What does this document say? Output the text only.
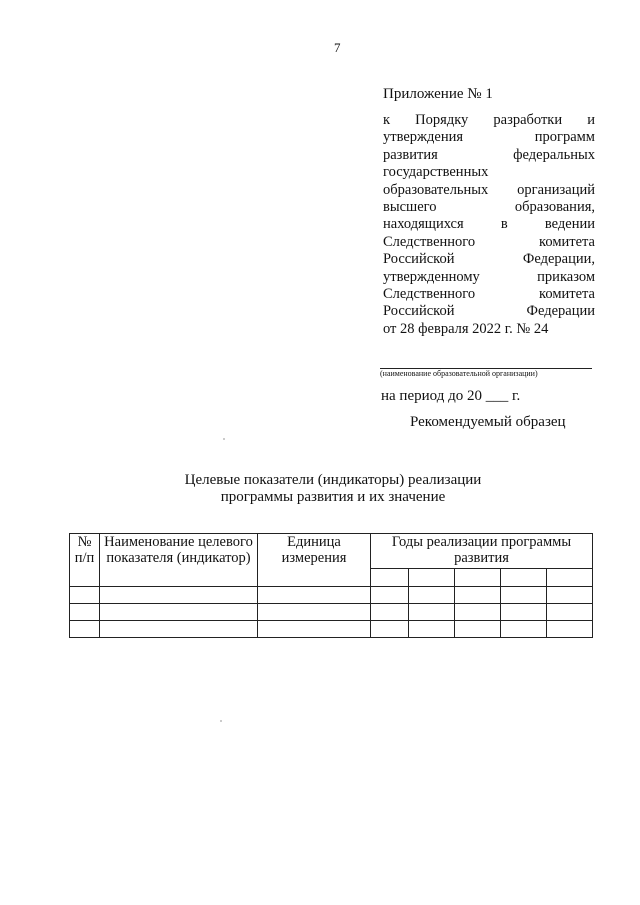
7
Приложение № 1
к Порядку разработки и
утверждения программ
развития федеральных
государственных
образовательных организаций
высшего образования,
находящихся в ведении
Следственного комитета
Российской Федерации,
утвержденному приказом
Следственного комитета
Российской Федерации
от 28 февраля 2022 г. № 24
(наименование образовательной организации)
на период до 20 ___ г.
Рекомендуемый образец
Целевые показатели (индикаторы) реализации
программы развития и их значение
№ п/п	Наименование целевого показателя (индикатор)	Единица измерения	Годы реализации программы развития				
